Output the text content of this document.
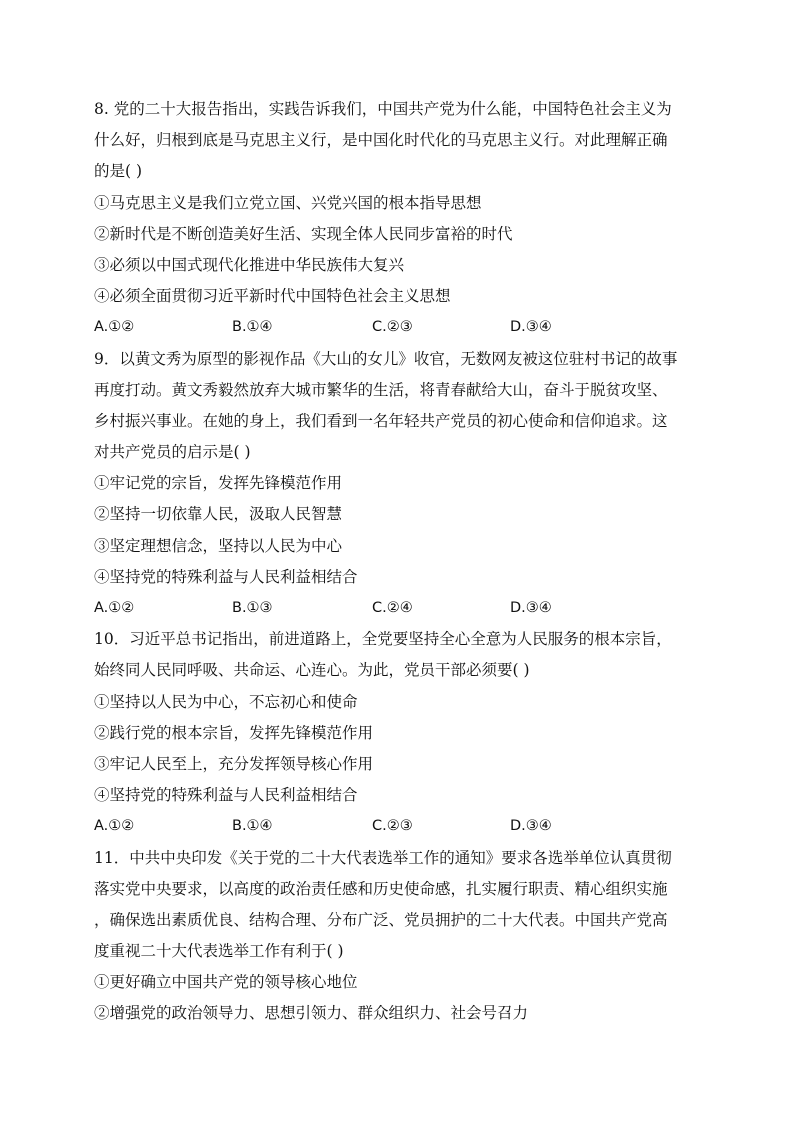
8. 党的二十大报告指出，实践告诉我们，中国共产党为什么能，中国特色社会主义为
什么好，归根到底是马克思主义行，是中国化时代化的马克思主义行。对此理解正确
的是( )
①马克思主义是我们立党立国、兴党兴国的根本指导思想
②新时代是不断创造美好生活、实现全体人民同步富裕的时代
③必须以中国式现代化推进中华民族伟大复兴
④必须全面贯彻习近平新时代中国特色社会主义思想
A.①②	B.①④	C.②③	D.③④
9．以黄文秀为原型的影视作品《大山的女儿》收官，无数网友被这位驻村书记的故事
再度打动。黄文秀毅然放弃大城市繁华的生活，将青春献给大山，奋斗于脱贫攻坚、
乡村振兴事业。在她的身上，我们看到一名年轻共产党员的初心使命和信仰追求。这
对共产党员的启示是( )
①牢记党的宗旨，发挥先锋模范作用
②坚持一切依靠人民，汲取人民智慧
③坚定理想信念，坚持以人民为中心
④坚持党的特殊利益与人民利益相结合
A.①②	B.①③	C.②④	D.③④
10．习近平总书记指出，前进道路上，全党要坚持全心全意为人民服务的根本宗旨，
始终同人民同呼吸、共命运、心连心。为此，党员干部必须要( )
①坚持以人民为中心，不忘初心和使命
②践行党的根本宗旨，发挥先锋模范作用
③牢记人民至上，充分发挥领导核心作用
④坚持党的特殊利益与人民利益相结合
A.①②	B.①④	C.②③	D.③④
11．中共中央印发《关于党的二十大代表选举工作的通知》要求各选举单位认真贯彻
落实党中央要求，以高度的政治责任感和历史使命感，扎实履行职责、精心组织实施
，确保选出素质优良、结构合理、分布广泛、党员拥护的二十大代表。中国共产党高
度重视二十大代表选举工作有利于( )
①更好确立中国共产党的领导核心地位
②增强党的政治领导力、思想引领力、群众组织力、社会号召力
